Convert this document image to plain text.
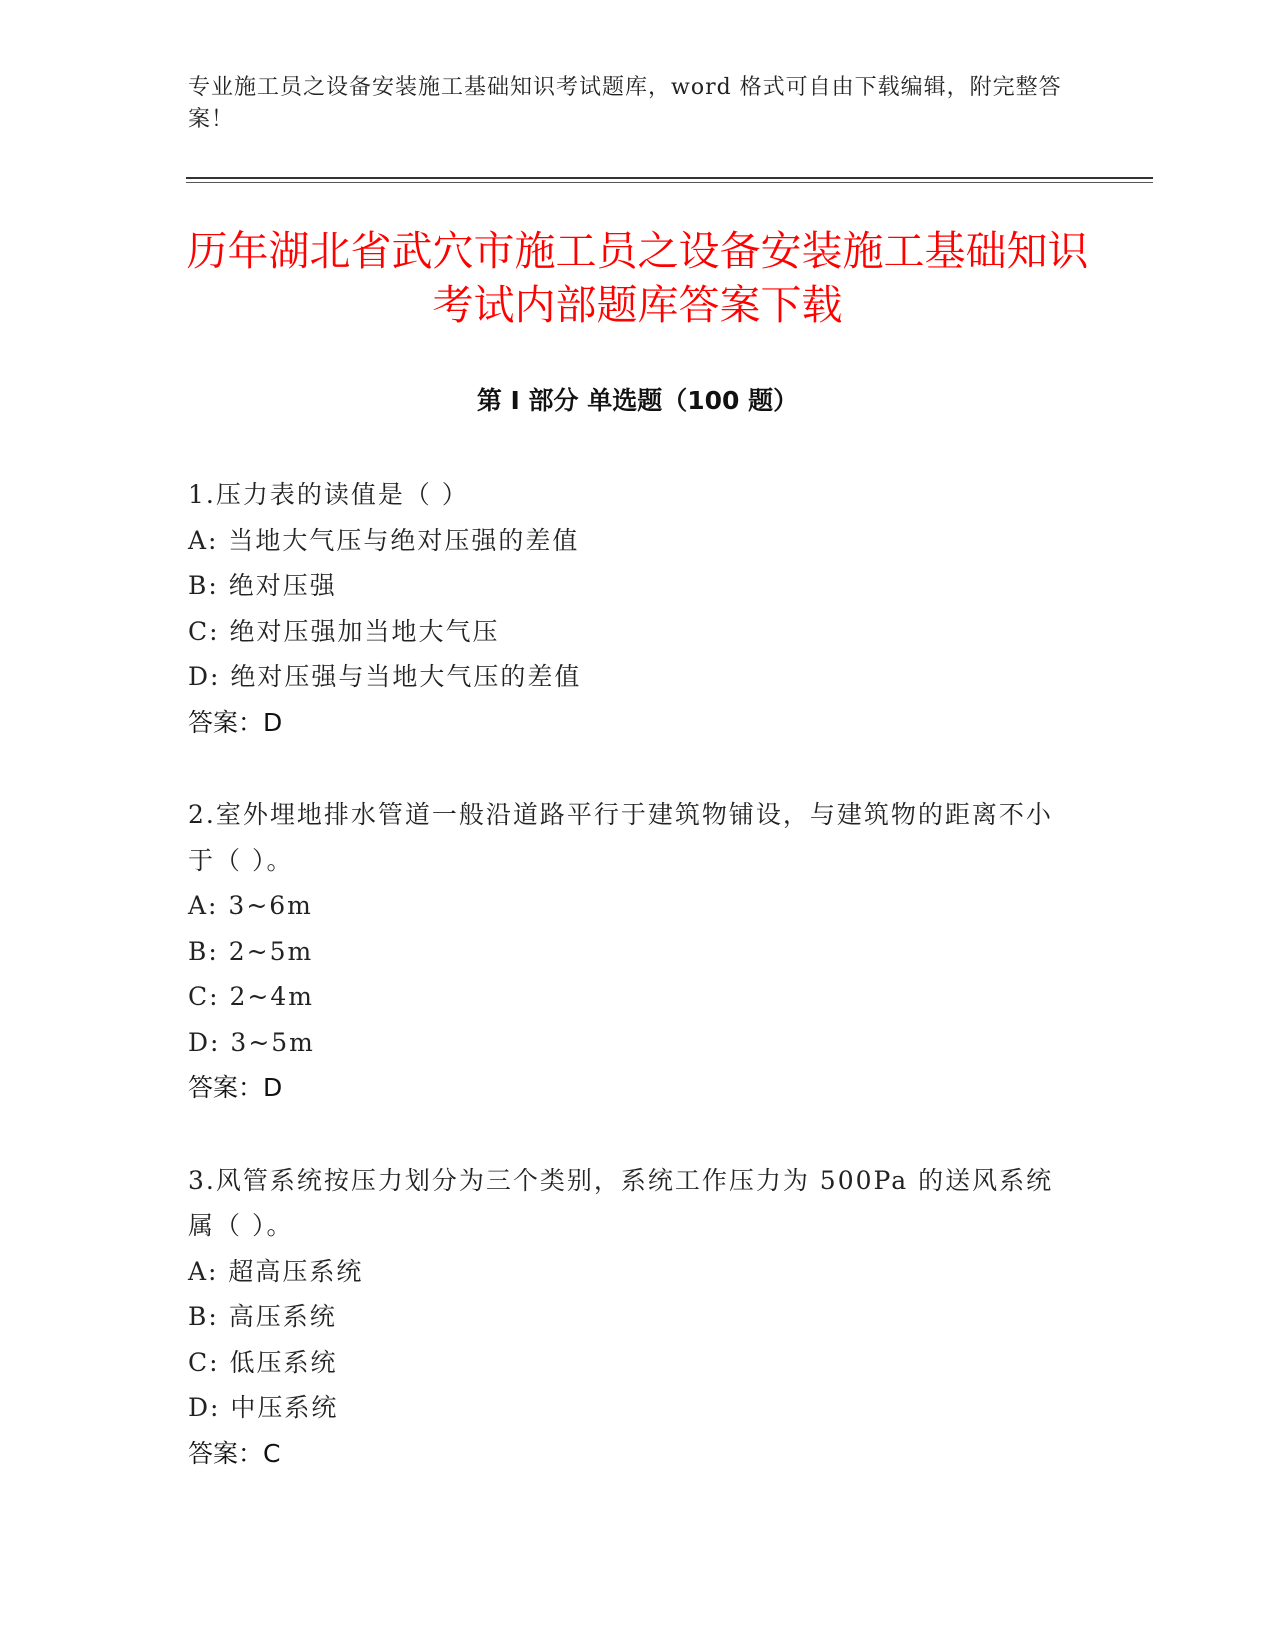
专业施工员之设备安装施工基础知识考试题库，word 格式可自由下载编辑，附完整答案！
历年湖北省武穴市施工员之设备安装施工基础知识考试内部题库答案下载
第 I 部分 单选题（100 题）

1.压力表的读值是（ ）

A: 当地大气压与绝对压强的差值

B: 绝对压强

C: 绝对压强加当地大气压

D: 绝对压强与当地大气压的差值

答案：D

2.室外埋地排水管道一般沿道路平行于建筑物铺设，与建筑物的距离不小于（ ）。

A: 3~6m

B: 2~5m

C: 2~4m

D: 3~5m

答案：D

3.风管系统按压力划分为三个类别，系统工作压力为 500Pa 的送风系统属（ ）。

A: 超高压系统

B: 高压系统

C: 低压系统

D: 中压系统

答案：C
